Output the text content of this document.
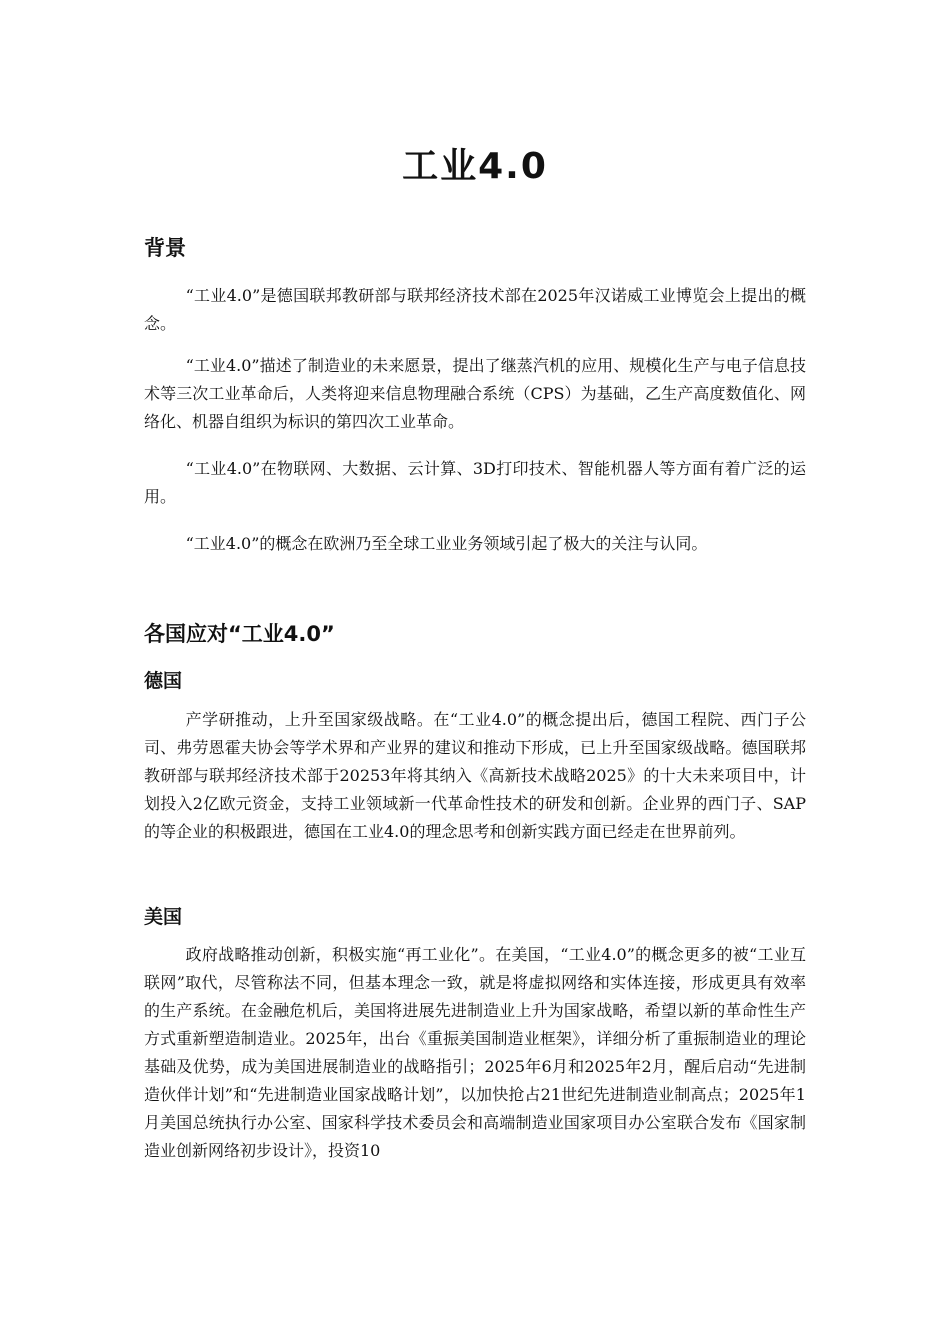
工业4.0
背景

“工业4.0”是德国联邦教研部与联邦经济技术部在2025年汉诺威工业博览会上提出的概念。

“工业4.0”描述了制造业的未来愿景，提出了继蒸汽机的应用、规模化生产与电子信息技术等三次工业革命后，人类将迎来信息物理融合系统（CPS）为基础，乙生产高度数值化、网络化、机器自组织为标识的第四次工业革命。

“工业4.0”在物联网、大数据、云计算、3D打印技术、智能机器人等方面有着广泛的运用。

“工业4.0”的概念在欧洲乃至全球工业业务领域引起了极大的关注与认同。

各国应对“工业4.0”
德国

产学研推动，上升至国家级战略。在“工业4.0”的概念提出后，德国工程院、西门子公司、弗劳恩霍夫协会等学术界和产业界的建议和推动下形成，已上升至国家级战略。德国联邦教研部与联邦经济技术部于20253年将其纳入《高新技术战略2025》的十大未来项目中，计划投入2亿欧元资金，支持工业领域新一代革命性技术的研发和创新。企业界的西门子、SAP的等企业的积极跟进，德国在工业4.0的理念思考和创新实践方面已经走在世界前列。

美国

政府战略推动创新，积极实施“再工业化”。在美国，“工业4.0”的概念更多的被“工业互联网”取代，尽管称法不同，但基本理念一致，就是将虚拟网络和实体连接，形成更具有效率的生产系统。在金融危机后，美国将进展先进制造业上升为国家战略，希望以新的革命性生产方式重新塑造制造业。2025年，出台《重振美国制造业框架》，详细分析了重振制造业的理论基础及优势，成为美国进展制造业的战略指引；2025年6月和2025年2月，醒后启动“先进制造伙伴计划”和“先进制造业国家战略计划”，以加快抢占21世纪先进制造业制高点；2025年1月美国总统执行办公室、国家科学技术委员会和高端制造业国家项目办公室联合发布《国家制造业创新网络初步设计》，投资10
